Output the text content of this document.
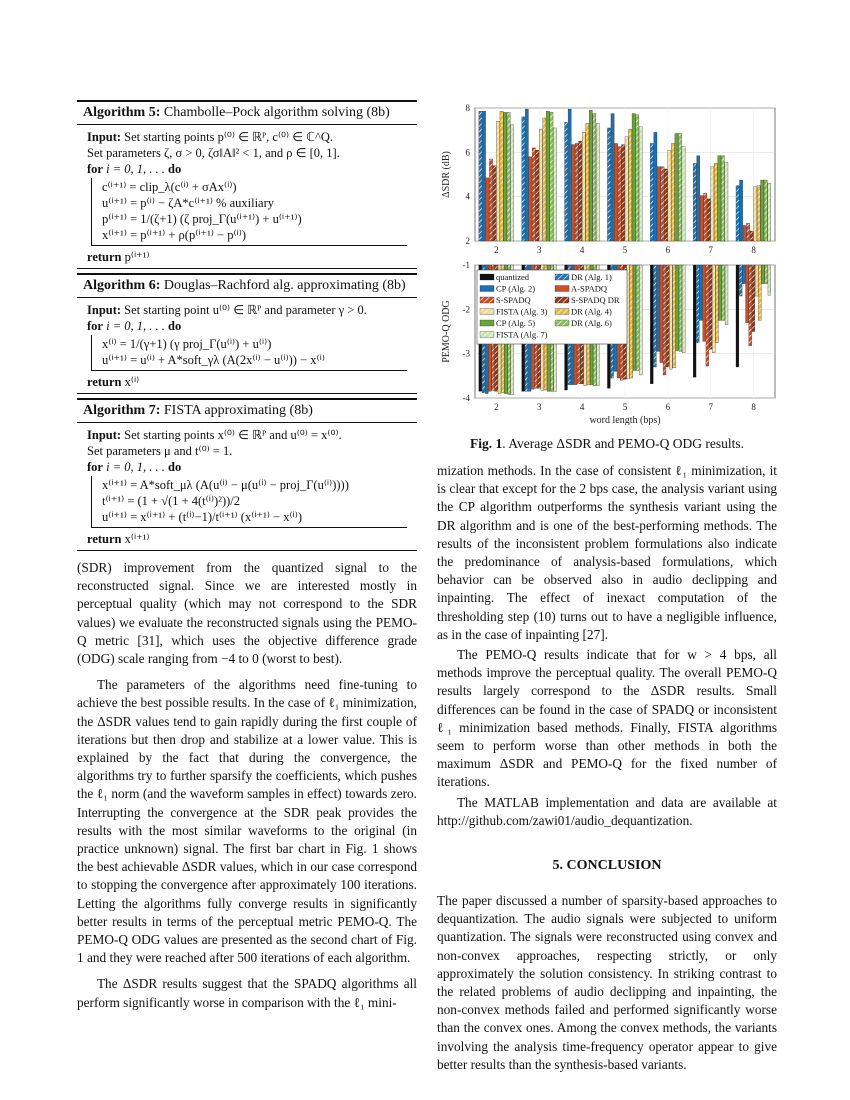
Algorithm 5: Chambolle–Pock algorithm solving (8b)
Input: Set starting points p⁽⁰⁾ ∈ ℝᴾ, c⁽⁰⁾ ∈ ℂ^Q.
Set parameters ζ, σ > 0, ζσ‖A‖² < 1, and ρ ∈ [0, 1].
for i = 0, 1, . . . do
c⁽ⁱ⁺¹⁾ = clip_λ(c⁽ⁱ⁾ + σAx⁽ⁱ⁾)
u⁽ⁱ⁺¹⁾ = p⁽ⁱ⁾ − ζA*c⁽ⁱ⁺¹⁾ % auxiliary
p⁽ⁱ⁺¹⁾ = 1/(ζ+1) (ζ proj_Γ(u⁽ⁱ⁺¹⁾) + u⁽ⁱ⁺¹⁾)
x⁽ⁱ⁺¹⁾ = p⁽ⁱ⁺¹⁾ + ρ(p⁽ⁱ⁺¹⁾ − p⁽ⁱ⁾)
return p⁽ⁱ⁺¹⁾
Algorithm 6: Douglas–Rachford alg. approximating (8b)
Input: Set starting point u⁽⁰⁾ ∈ ℝᴾ and parameter γ > 0.
for i = 0, 1, . . . do
x⁽ⁱ⁾ = 1/(γ+1) (γ proj_Γ(u⁽ⁱ⁾) + u⁽ⁱ⁾)
u⁽ⁱ⁺¹⁾ = u⁽ⁱ⁾ + A*soft_γλ (A(2x⁽ⁱ⁾ − u⁽ⁱ⁾)) − x⁽ⁱ⁾
return x⁽ⁱ⁾
Algorithm 7: FISTA approximating (8b)
Input: Set starting points x⁽⁰⁾ ∈ ℝᴾ and u⁽⁰⁾ = x⁽⁰⁾.
Set parameters μ and t⁽⁰⁾ = 1.
for i = 0, 1, . . . do
x⁽ⁱ⁺¹⁾ = A*soft_μλ (A(u⁽ⁱ⁾ − μ(u⁽ⁱ⁾ − proj_Γ(u⁽ⁱ⁾))))
t⁽ⁱ⁺¹⁾ = (1 + √(1 + 4(t⁽ⁱ⁾)²))/2
u⁽ⁱ⁺¹⁾ = x⁽ⁱ⁺¹⁾ + (t⁽ⁱ⁾−1)/t⁽ⁱ⁺¹⁾ (x⁽ⁱ⁺¹⁾ − x⁽ⁱ⁾)
return x⁽ⁱ⁺¹⁾

(SDR) improvement from the quantized signal to the reconstructed signal. Since we are interested mostly in perceptual quality (which may not correspond to the SDR values) we evaluate the reconstructed signals using the PEMO-Q metric [31], which uses the objective difference grade (ODG) scale ranging from −4 to 0 (worst to best).

The parameters of the algorithms need fine-tuning to achieve the best possible results. In the case of ℓ₁ minimization, the ΔSDR values tend to gain rapidly during the first couple of iterations but then drop and stabilize at a lower value. This is explained by the fact that during the convergence, the algorithms try to further sparsify the coefficients, which pushes the ℓ₁ norm (and the waveform samples in effect) towards zero. Interrupting the convergence at the SDR peak provides the results with the most similar waveforms to the original (in practice unknown) signal. The first bar chart in Fig. 1 shows the best achievable ΔSDR values, which in our case correspond to stopping the convergence after approximately 100 iterations. Letting the algorithms fully converge results in significantly better results in terms of the perceptual metric PEMO-Q. The PEMO-Q ODG values are presented as the second chart of Fig. 1 and they were reached after 500 iterations of each algorithm.

The ΔSDR results suggest that the SPADQ algorithms all perform significantly worse in comparison with the ℓ₁ mini-

2
4
6
8
2	3	4	5	6	7	8
ΔSDR (dB)
-4
-3
-2
-1
2	3	4	5	6	7	8
PEMO-Q ODG
word length (bps)
quantized	DR (Alg. 1)
CP (Alg. 2)	A-SPADQ
S-SPADQ	S-SPADQ DR
FISTA (Alg. 3)	DR (Alg. 4)
CP (Alg. 5)	DR (Alg. 6)
FISTA (Alg. 7)
Fig. 1. Average ΔSDR and PEMO-Q ODG results.

mization methods. In the case of consistent ℓ₁ minimization, it is clear that except for the 2 bps case, the analysis variant using the CP algorithm outperforms the synthesis variant using the DR algorithm and is one of the best-performing methods. The results of the inconsistent problem formulations also indicate the predominance of analysis-based formulations, which behavior can be observed also in audio declipping and inpainting. The effect of inexact computation of the thresholding step (10) turns out to have a negligible influence, as in the case of inpainting [27].

The PEMO-Q results indicate that for w > 4 bps, all methods improve the perceptual quality. The overall PEMO-Q results largely correspond to the ΔSDR results. Small differences can be found in the case of SPADQ or inconsistent ℓ₁ minimization based methods. Finally, FISTA algorithms seem to perform worse than other methods in both the maximum ΔSDR and PEMO-Q for the fixed number of iterations.

The MATLAB implementation and data are available at http://github.com/zawi01/audio_dequantization.

5. CONCLUSION

The paper discussed a number of sparsity-based approaches to dequantization. The audio signals were subjected to uniform quantization. The signals were reconstructed using convex and non-convex approaches, respecting strictly, or only approximately the solution consistency. In striking contrast to the related problems of audio declipping and inpainting, the non-convex methods failed and performed significantly worse than the convex ones. Among the convex methods, the variants involving the analysis time-frequency operator appear to give better results than the synthesis-based variants.
